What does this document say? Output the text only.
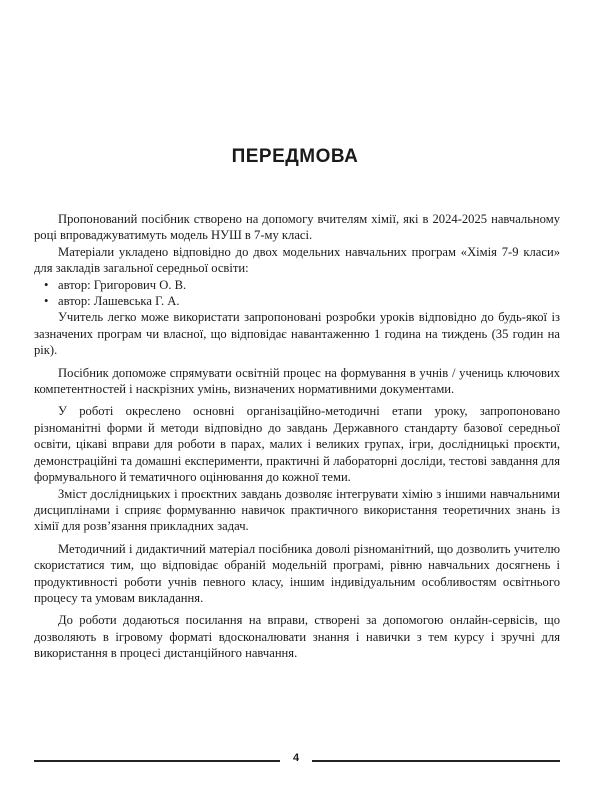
ПЕРЕДМОВА

Пропонований посібник створено на допомогу вчителям хімії, які в 2024-2025 навчальному році впроваджуватимуть модель НУШ в 7-му класі.

Матеріали укладено відповідно до двох модельних навчальних програм «Хімія 7-9 класи» для закладів загальної середньої освіти:

• автор: Григорович О. В.
• автор: Лашевська Г. А.

Учитель легко може використати запропоновані розробки уроків відповідно до будь-якої із зазначених програм чи власної, що відповідає навантаженню 1 година на тиждень (35 годин на рік).

Посібник допоможе спрямувати освітній процес на формування в учнів / учениць ключових компетентностей і наскрізних умінь, визначених нормативними документами.

У роботі окреслено основні організаційно-методичні етапи уроку, запропоновано різноманітні форми й методи відповідно до завдань Державного стандарту базової середньої освіти, цікаві вправи для роботи в парах, малих і великих групах, ігри, дослідницькі проєкти, демонстраційні та домашні експерименти, практичні й лабораторні досліди, тестові завдання для формувального й тематичного оцінювання до кожної теми.

Зміст дослідницьких і проєктних завдань дозволяє інтегрувати хімію з іншими навчальними дисциплінами і сприяє формуванню навичок практичного використання теоретичних знань із хімії для розв’язання прикладних задач.

Методичний і дидактичний матеріал посібника доволі різноманітний, що дозволить учителю скористатися тим, що відповідає обраній модельній програмі, рівню навчальних досягнень і продуктивності роботи учнів певного класу, іншим індивідуальним особливостям освітнього процесу та умовам викладання.

До роботи додаються посилання на вправи, створені за допомогою онлайн-сервісів, що дозволяють в ігровому форматі вдосконалювати знання і навички з тем курсу і зручні для використання в процесі дистанційного навчання.

4
